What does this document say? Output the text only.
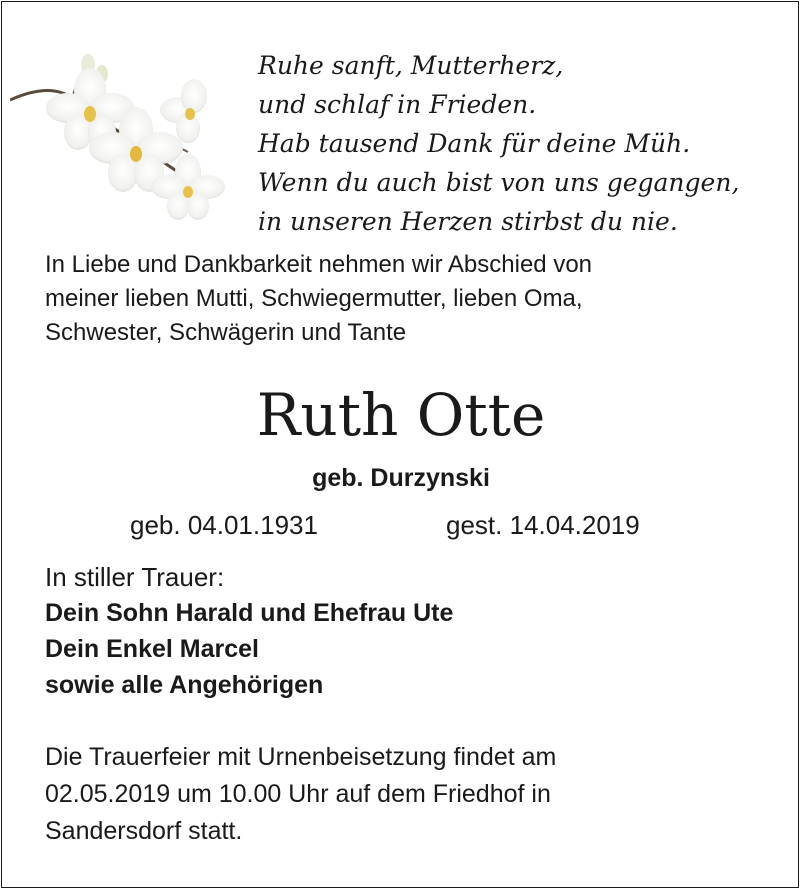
Ruhe sanft, Mutterherz,
und schlaf in Frieden.
Hab tausend Dank für deine Müh.
Wenn du auch bist von uns gegangen,
in unseren Herzen stirbst du nie.
In Liebe und Dankbarkeit nehmen wir Abschied von
meiner lieben Mutti, Schwiegermutter, lieben Oma,
Schwester, Schwägerin und Tante
Ruth Otte
geb. Durzynski
geb. 04.01.1931	gest. 14.04.2019
In stiller Trauer:
Dein Sohn Harald und Ehefrau Ute
Dein Enkel Marcel
sowie alle Angehörigen
Die Trauerfeier mit Urnenbeisetzung findet am
02.05.2019 um 10.00 Uhr auf dem Friedhof in
Sandersdorf statt.
